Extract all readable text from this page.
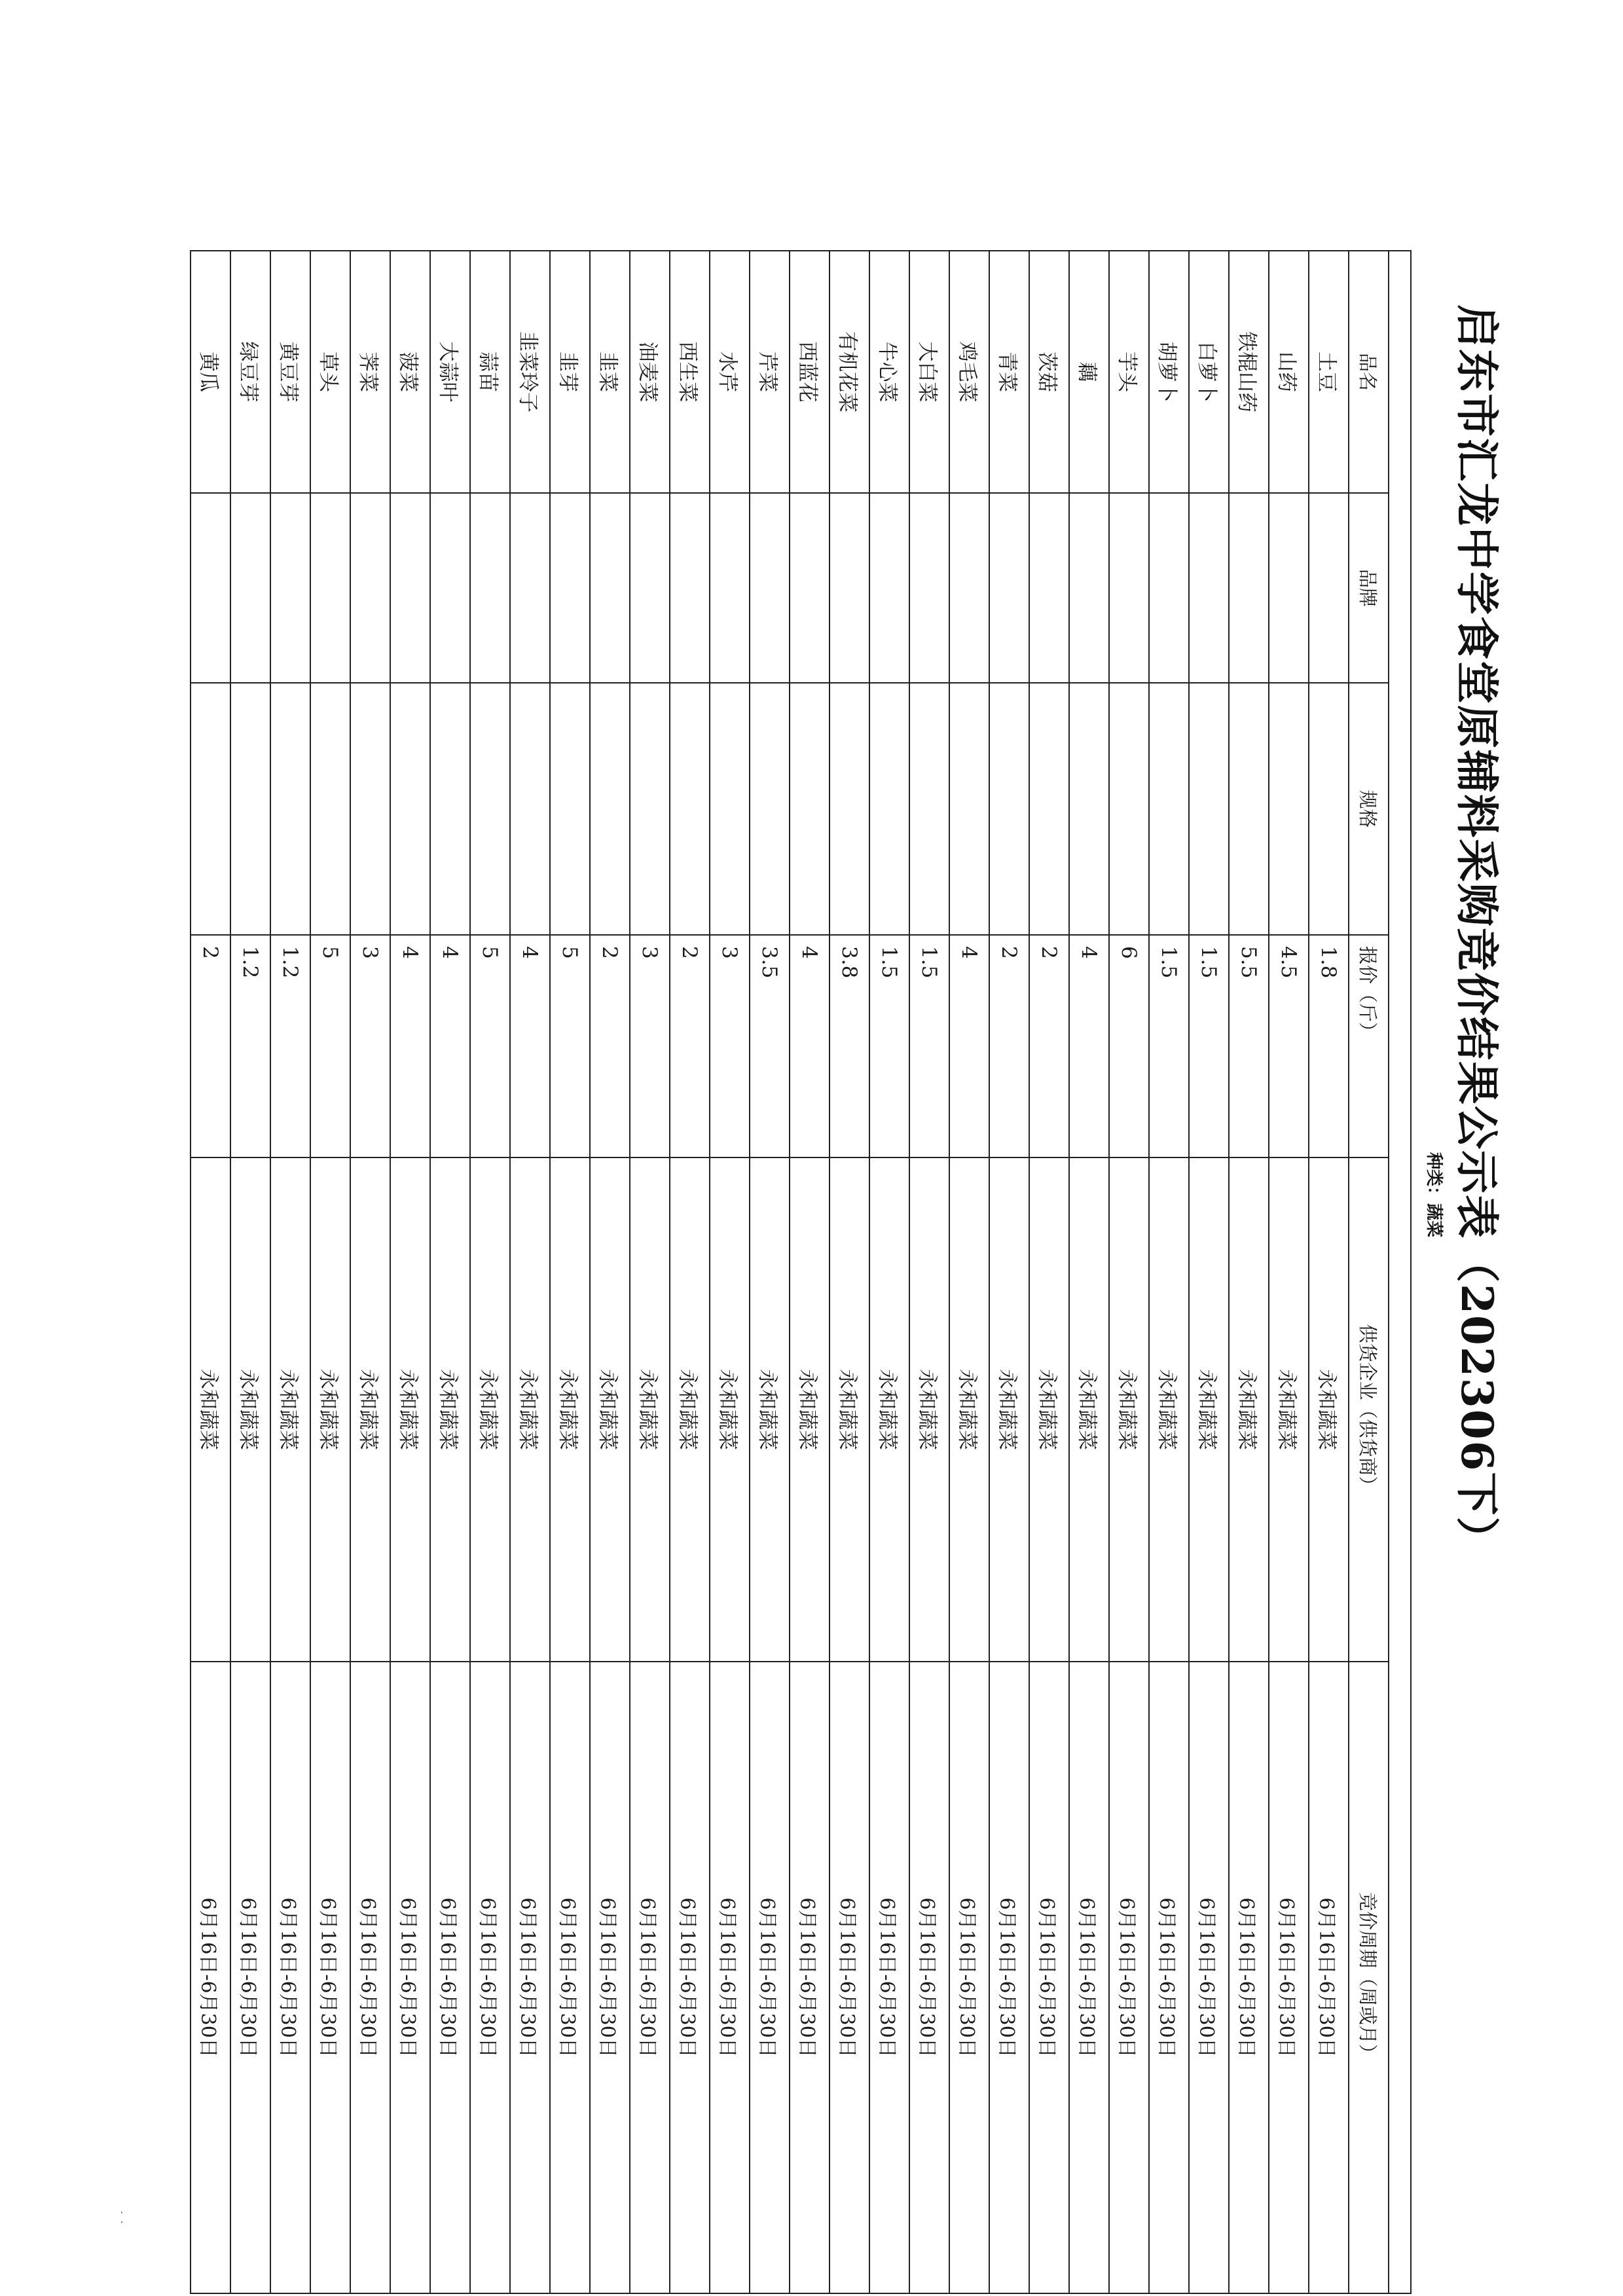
启东市汇龙中学食堂原辅料采购竞价结果公示表（202306下）
种类：蔬菜

品名	品牌	规格	报价（斤）	供货企业（供货商）	竞价周期（周或月）
土豆			1.8	永和蔬菜	6月16日-6月30日
山药			4.5	永和蔬菜	6月16日-6月30日
铁棍山药			5.5	永和蔬菜	6月16日-6月30日
白萝卜			1.5	永和蔬菜	6月16日-6月30日
胡萝卜			1.5	永和蔬菜	6月16日-6月30日
芋头			6	永和蔬菜	6月16日-6月30日
藕			4	永和蔬菜	6月16日-6月30日
茨菇			2	永和蔬菜	6月16日-6月30日
青菜			2	永和蔬菜	6月16日-6月30日
鸡毛菜			4	永和蔬菜	6月16日-6月30日
大白菜			1.5	永和蔬菜	6月16日-6月30日
牛心菜			1.5	永和蔬菜	6月16日-6月30日
有机花菜			3.8	永和蔬菜	6月16日-6月30日
西蓝花			4	永和蔬菜	6月16日-6月30日
芹菜			3.5	永和蔬菜	6月16日-6月30日
水芹			3	永和蔬菜	6月16日-6月30日
西生菜			2	永和蔬菜	6月16日-6月30日
油麦菜			3	永和蔬菜	6月16日-6月30日
韭菜			2	永和蔬菜	6月16日-6月30日
韭芽			5	永和蔬菜	6月16日-6月30日
韭菜玲子			4	永和蔬菜	6月16日-6月30日
蒜苗			5	永和蔬菜	6月16日-6月30日
大蒜叶			4	永和蔬菜	6月16日-6月30日
菠菜			4	永和蔬菜	6月16日-6月30日
荠菜			3	永和蔬菜	6月16日-6月30日
草头			5	永和蔬菜	6月16日-6月30日
黄豆芽			1.2	永和蔬菜	6月16日-6月30日
绿豆芽			1.2	永和蔬菜	6月16日-6月30日
黄瓜			2	永和蔬菜	6月16日-6月30日
˙ ˙
